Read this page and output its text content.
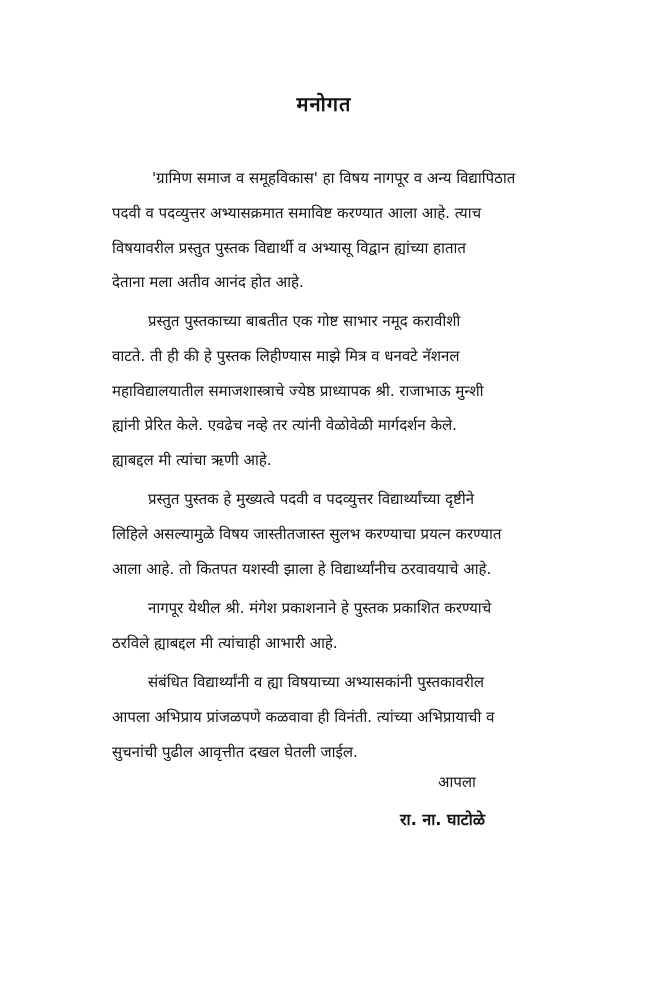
मनोगत
'ग्रामिण समाज व समूहविकास' हा विषय नागपूर व अन्य विद्यापिठात
पदवी व पदव्युत्तर अभ्यासक्रमात समाविष्ट करण्यात आला आहे. त्याच
विषयावरील प्रस्तुत पुस्तक विद्यार्थी व अभ्यासू विद्वान ह्यांच्या हातात
देताना मला अतीव आनंद होत आहे.
प्रस्तुत पुस्तकाच्या बाबतीत एक गोष्ट साभार नमूद करावीशी
वाटते. ती ही की हे पुस्तक लिहीण्यास माझे मित्र व धनवटे नॅशनल
महाविद्यालयातील समाजशास्त्राचे ज्येष्ठ प्राध्यापक श्री. राजाभाऊ मुन्शी
ह्यांनी प्रेरित केले. एवढेच नव्हे तर त्यांनी वेळोवेळी मार्गदर्शन केले.
ह्याबद्दल मी त्यांचा ऋणी आहे.
प्रस्तुत पुस्तक हे मुख्यत्वे पदवी व पदव्युत्तर विद्यार्थ्यांच्या दृष्टीने
लिहिले असल्यामुळे विषय जास्तीतजास्त सुलभ करण्याचा प्रयत्न करण्यात
आला आहे. तो कितपत यशस्वी झाला हे विद्यार्थ्यांनीच ठरवावयाचे आहे.
नागपूर येथील श्री. मंगेश प्रकाशनाने हे पुस्तक प्रकाशित करण्याचे
ठरविले ह्याबद्दल मी त्यांचाही आभारी आहे.
संबंधित विद्यार्थ्यांनी व ह्या विषयाच्या अभ्यासकांनी पुस्तकावरील
आपला अभिप्राय प्रांजळपणे कळवावा ही विनंती. त्यांच्या अभिप्रायाची व
सुचनांची पुढील आवृत्तीत दखल घेतली जाईल.
आपला
रा. ना. घाटोळे
